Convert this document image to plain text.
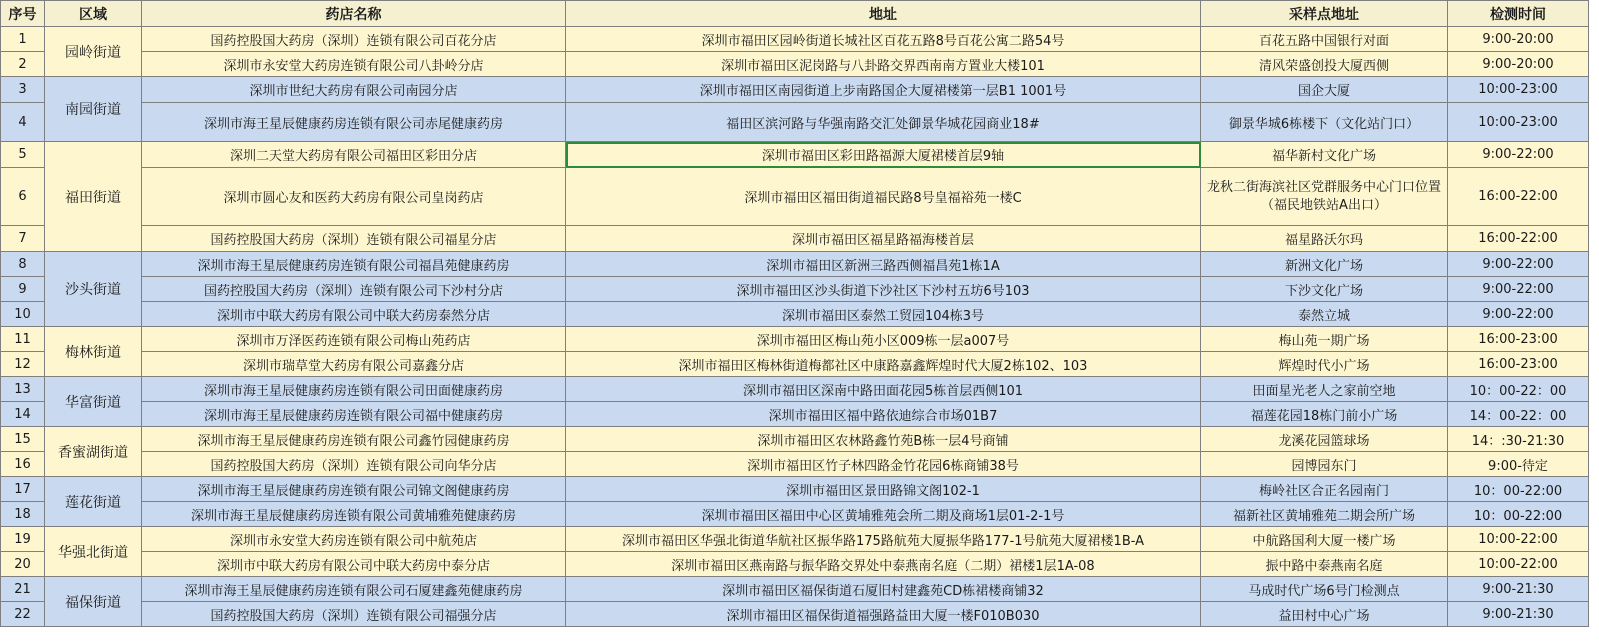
序号	区域	药店名称	地址	采样点地址	检测时间
1	园岭街道	国药控股国大药房（深圳）连锁有限公司百花分店	深圳市福田区园岭街道长城社区百花五路8号百花公寓二路54号	百花五路中国银行对面	9:00-20:00
2		深圳市永安堂大药房连锁有限公司八卦岭分店	深圳市福田区泥岗路与八卦路交界西南南方置业大楼101	清风荣盛创投大厦西侧	9:00-20:00
3	南园街道	深圳市世纪大药房有限公司南园分店	深圳市福田区南园街道上步南路国企大厦裙楼第一层B1 1001号	国企大厦	10:00-23:00
4		深圳市海王星辰健康药房连锁有限公司赤尾健康药房	福田区滨河路与华强南路交汇处御景华城花园商业18#	御景华城6栋楼下（文化站门口）	10:00-23:00
5	福田街道	深圳二天堂大药房有限公司福田区彩田分店	深圳市福田区彩田路福源大厦裙楼首层9轴	福华新村文化广场	9:00-22:00
6		深圳市圆心友和医药大药房有限公司皇岗药店	深圳市福田区福田街道福民路8号皇福裕苑一楼C	龙秋二街海滨社区党群服务中心门口位置（福民地铁站A出口）	16:00-22:00
7		国药控股国大药房（深圳）连锁有限公司福星分店	深圳市福田区福星路福海楼首层	福星路沃尔玛	16:00-22:00
8	沙头街道	深圳市海王星辰健康药房连锁有限公司福昌苑健康药房	深圳市福田区新洲三路西侧福昌苑1栋1A	新洲文化广场	9:00-22:00
9		国药控股国大药房（深圳）连锁有限公司下沙村分店	深圳市福田区沙头街道下沙社区下沙村五坊6号103	下沙文化广场	9:00-22:00
10		深圳市中联大药房有限公司中联大药房泰然分店	深圳市福田区泰然工贸园104栋3号	泰然立城	9:00-22:00
11	梅林街道	深圳市万泽医药连锁有限公司梅山苑药店	深圳市福田区梅山苑小区009栋一层a007号	梅山苑一期广场	16:00-23:00
12		深圳市瑞草堂大药房有限公司嘉鑫分店	深圳市福田区梅林街道梅都社区中康路嘉鑫辉煌时代大厦2栋102、103	辉煌时代小广场	16:00-23:00
13	华富街道	深圳市海王星辰健康药房连锁有限公司田面健康药房	深圳市福田区深南中路田面花园5栋首层西侧101	田面星光老人之家前空地	10：00-22：00
14		深圳市海王星辰健康药房连锁有限公司福中健康药房	深圳市福田区福中路依迪综合市场01B7	福莲花园18栋门前小广场	14：00-22：00
15	香蜜湖街道	深圳市海王星辰健康药房连锁有限公司鑫竹园健康药房	深圳市福田区农林路鑫竹苑B栋一层4号商铺	龙溪花园篮球场	14：:30-21:30
16		国药控股国大药房（深圳）连锁有限公司向华分店	深圳市福田区竹子林四路金竹花园6栋商铺38号	园博园东门	9:00-待定
17	莲花街道	深圳市海王星辰健康药房连锁有限公司锦文阁健康药房	深圳市福田区景田路锦文阁102-1	梅岭社区合正名园南门	10：00-22:00
18		深圳市海王星辰健康药房连锁有限公司黄埔雅苑健康药房	深圳市福田区福田中心区黄埔雅苑会所二期及商场1层01-2-1号	福新社区黄埔雅苑二期会所广场	10：00-22:00
19	华强北街道	深圳市永安堂大药房连锁有限公司中航苑店	深圳市福田区华强北街道华航社区振华路175路航苑大厦振华路177-1号航苑大厦裙楼1B-A	中航路国利大厦一楼广场	10:00-22:00
20		深圳市中联大药房有限公司中联大药房中泰分店	深圳市福田区燕南路与振华路交界处中泰燕南名庭（二期）裙楼1层1A-08	振中路中泰燕南名庭	10:00-22:00
21	福保街道	深圳市海王星辰健康药房连锁有限公司石厦建鑫苑健康药房	深圳市福田区福保街道石厦旧村建鑫苑CD栋裙楼商铺32	马成时代广场6号门检测点	9:00-21:30
22		国药控股国大药房（深圳）连锁有限公司福强分店	深圳市福田区福保街道福强路益田大厦一楼F010B030	益田村中心广场	9:00-21:30
